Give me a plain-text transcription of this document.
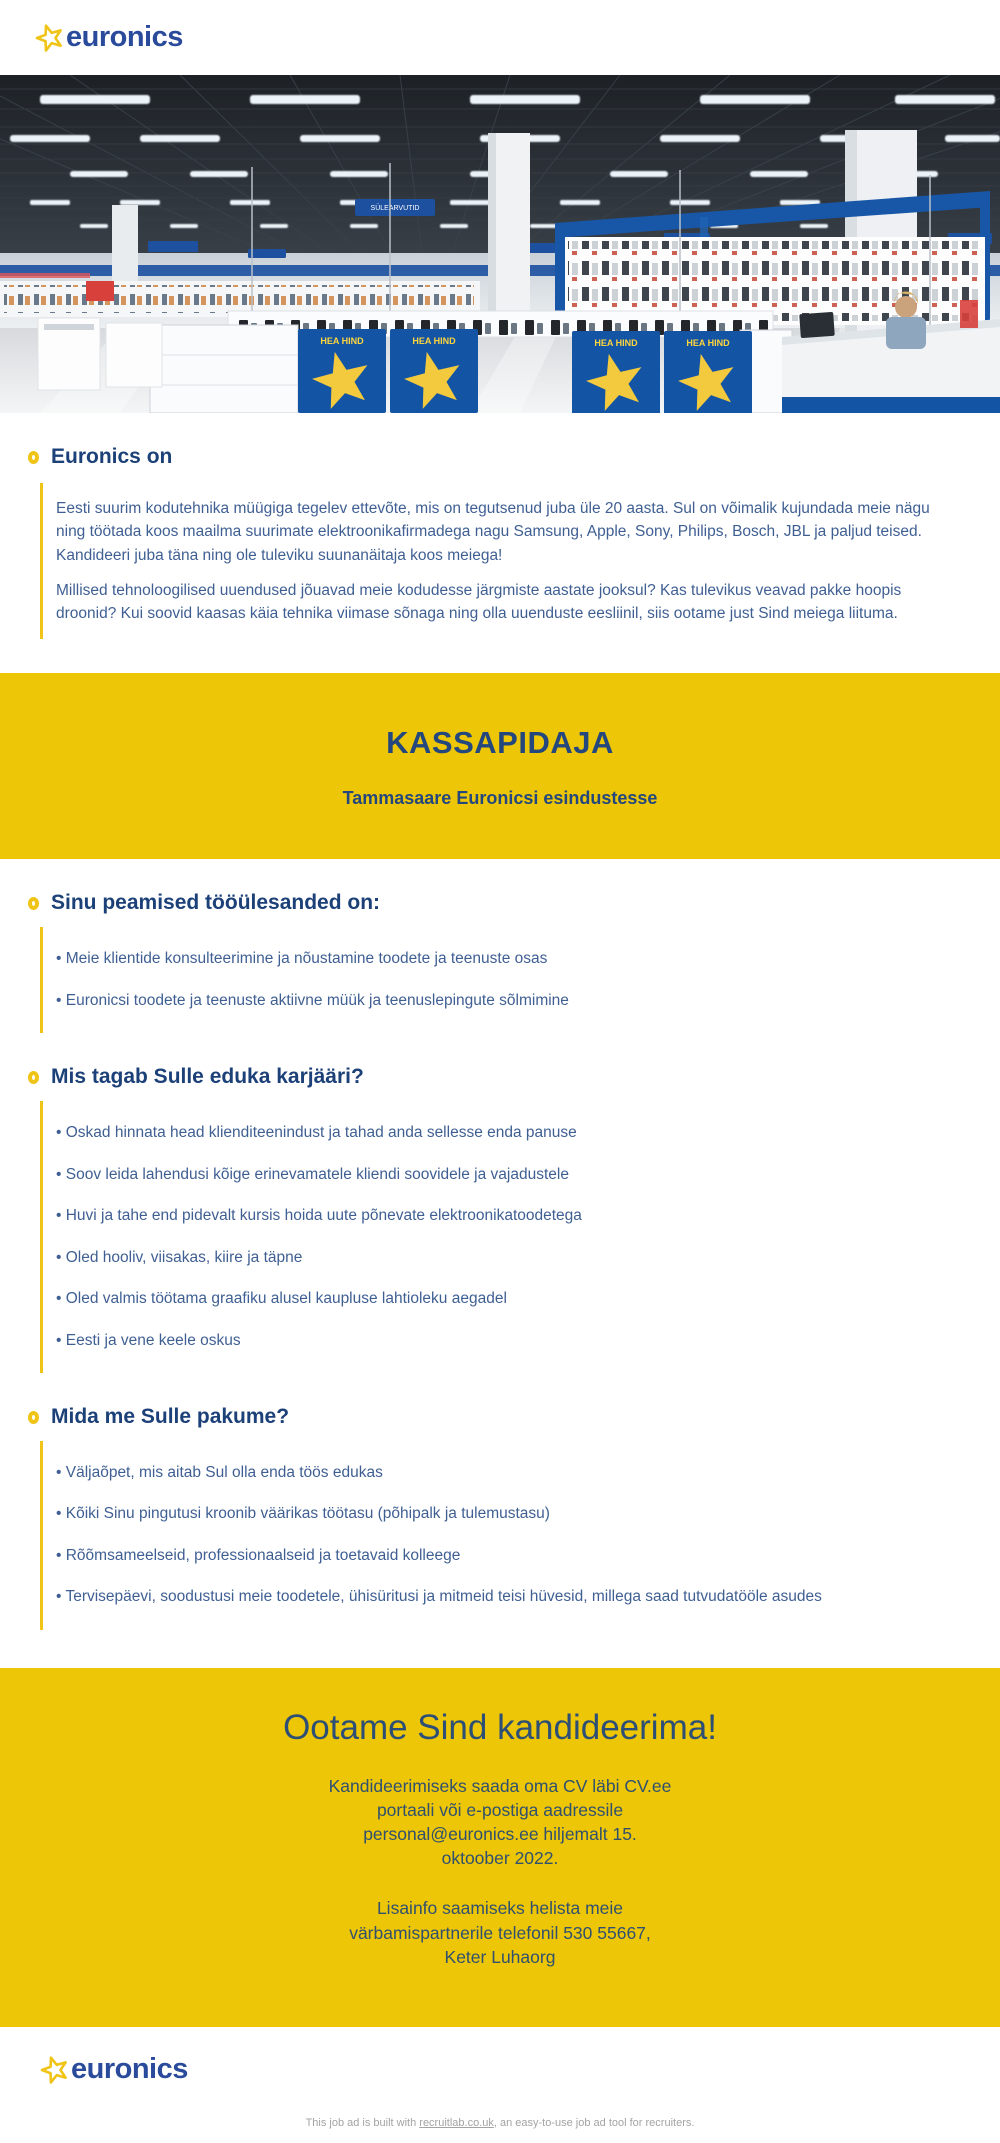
euronics
SÜLEARVUTID
Euronics on

Eesti suurim kodutehnika müügiga tegelev ettevõte, mis on tegutsenud juba üle 20 aasta. Sul on võimalik kujundada meie nägu ning töötada koos maailma suurimate elektroonikafirmadega nagu Samsung, Apple, Sony, Philips, Bosch, JBL ja paljud teised. Kandideeri juba täna ning ole tuleviku suunanäitaja koos meiega!

Millised tehnoloogilised uuendused jõuavad meie kodudesse järgmiste aastate jooksul? Kas tulevikus veavad pakke hoopis droonid? Kui soovid kaasas käia tehnika viimase sõnaga ning olla uuenduste eesliinil, siis ootame just Sind meiega liituma.

KASSAPIDAJA
Tammasaare Euronicsi esindustesse
Sinu peamised tööülesanded on:
• Meie klientide konsulteerimine ja nõustamine toodete ja teenuste osas
• Euronicsi toodete ja teenuste aktiivne müük ja teenuslepingute sõlmimine
Mis tagab Sulle eduka karjääri?
• Oskad hinnata head klienditeenindust ja tahad anda sellesse enda panuse
• Soov leida lahendusi kõige erinevamatele kliendi soovidele ja vajadustele
• Huvi ja tahe end pidevalt kursis hoida uute põnevate elektroonikatoodetega
• Oled hooliv, viisakas, kiire ja täpne
• Oled valmis töötama graafiku alusel kaupluse lahtioleku aegadel
• Eesti ja vene keele oskus
Mida me Sulle pakume?
• Väljaõpet, mis aitab Sul olla enda töös edukas
• Kõiki Sinu pingutusi kroonib väärikas töötasu (põhipalk ja tulemustasu)
• Rõõmsameelseid, professionaalseid ja toetavaid kolleege
• Tervisepäevi, soodustusi meie toodetele, ühisüritusi ja mitmeid teisi hüvesid, millega saad tutvudatööle asudes
Ootame Sind kandideerima!
Kandideerimiseks saada oma CV läbi CV.ee
portaali või e-postiga aadressile
personal@euronics.ee hiljemalt 15.
oktoober 2022.
Lisainfo saamiseks helista meie
värbamispartnerile telefonil 530 55667,
Keter Luhaorg
euronics
This job ad is built with recruitlab.co.uk, an easy-to-use job ad tool for recruiters.
